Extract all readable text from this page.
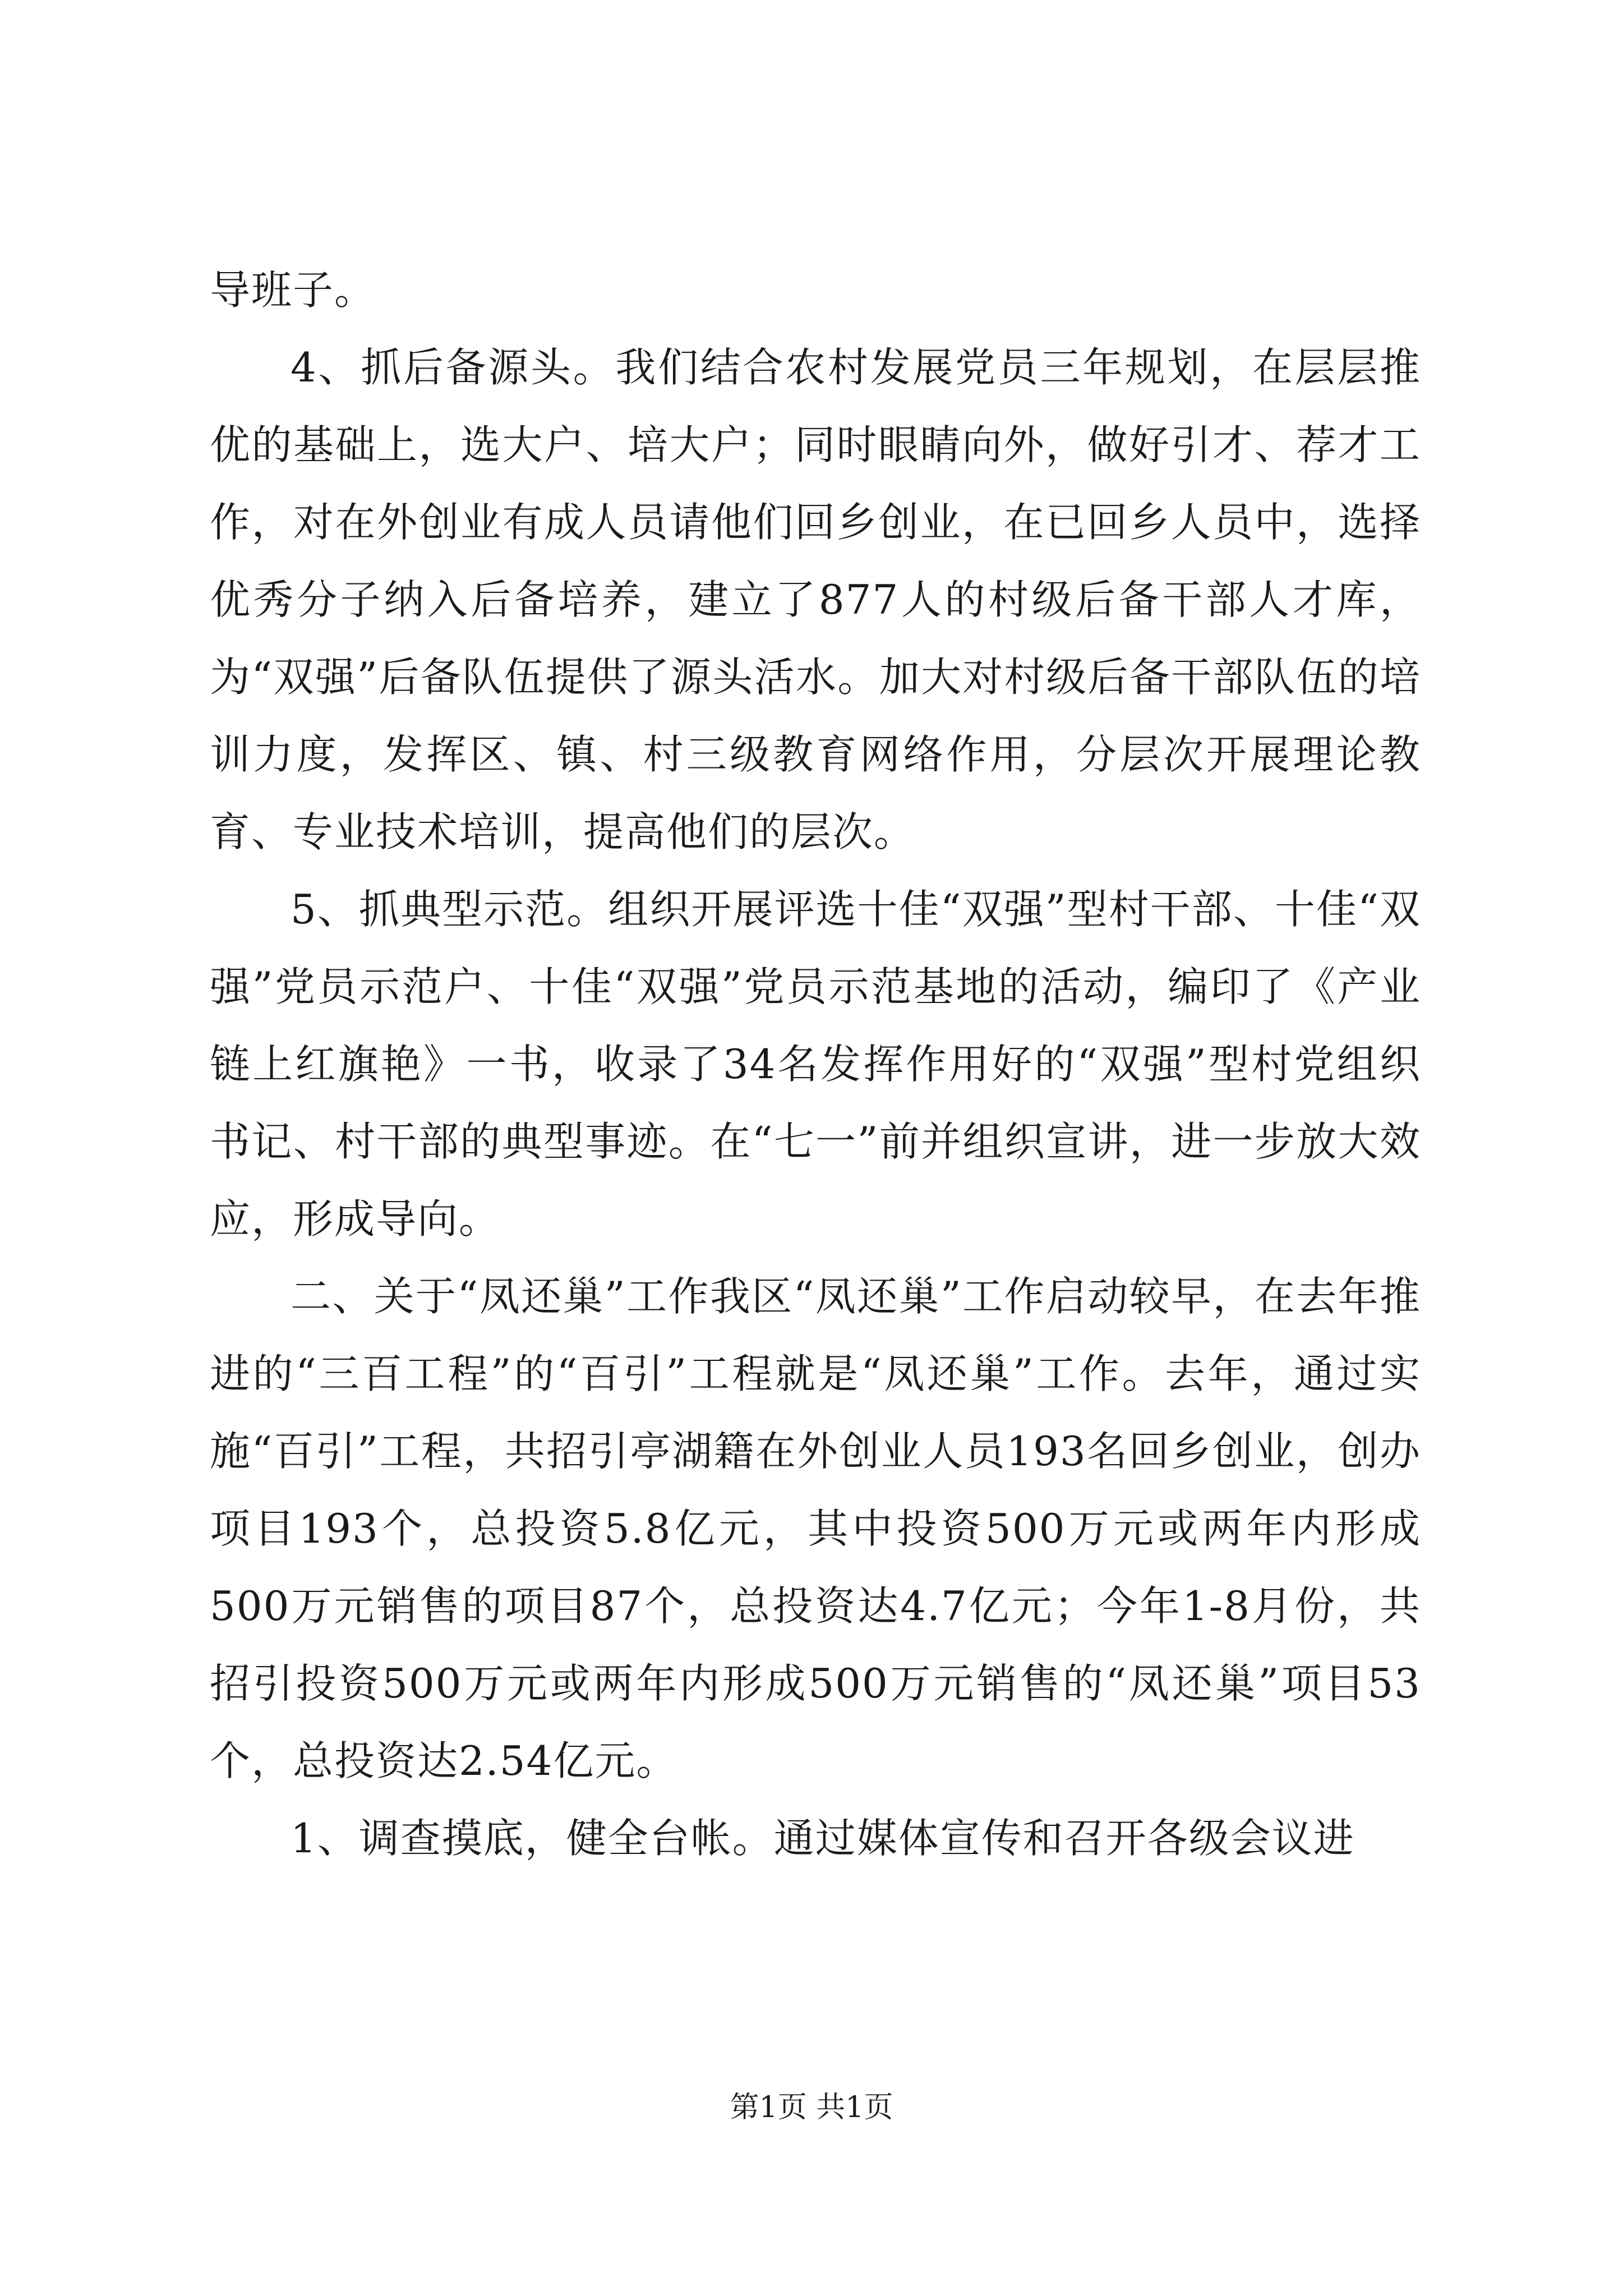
导班子。

4、抓后备源头。我们结合农村发展党员三年规划，在层层推优的基础上，选大户、培大户；同时眼睛向外，做好引才、荐才工作，对在外创业有成人员请他们回乡创业，在已回乡人员中，选择优秀分子纳入后备培养，建立了877人的村级后备干部人才库，为“双强”后备队伍提供了源头活水。加大对村级后备干部队伍的培训力度，发挥区、镇、村三级教育网络作用，分层次开展理论教育、专业技术培训，提高他们的层次。

5、抓典型示范。组织开展评选十佳“双强”型村干部、十佳“双强”党员示范户、十佳“双强”党员示范基地的活动，编印了《产业链上红旗艳》一书，收录了34名发挥作用好的“双强”型村党组织书记、村干部的典型事迹。在“七一”前并组织宣讲，进一步放大效应，形成导向。

二、关于“凤还巢”工作我区“凤还巢”工作启动较早，在去年推进的“三百工程”的“百引”工程就是“凤还巢”工作。去年，通过实施“百引”工程，共招引亭湖籍在外创业人员193名回乡创业，创办项目193个，总投资5.8亿元，其中投资500万元或两年内形成500万元销售的项目87个，总投资达4.7亿元；今年1-8月份，共招引投资500万元或两年内形成500万元销售的“凤还巢”项目53个，总投资达2.54亿元。

1、调查摸底，健全台帐。通过媒体宣传和召开各级会议进

第1页 共1页
